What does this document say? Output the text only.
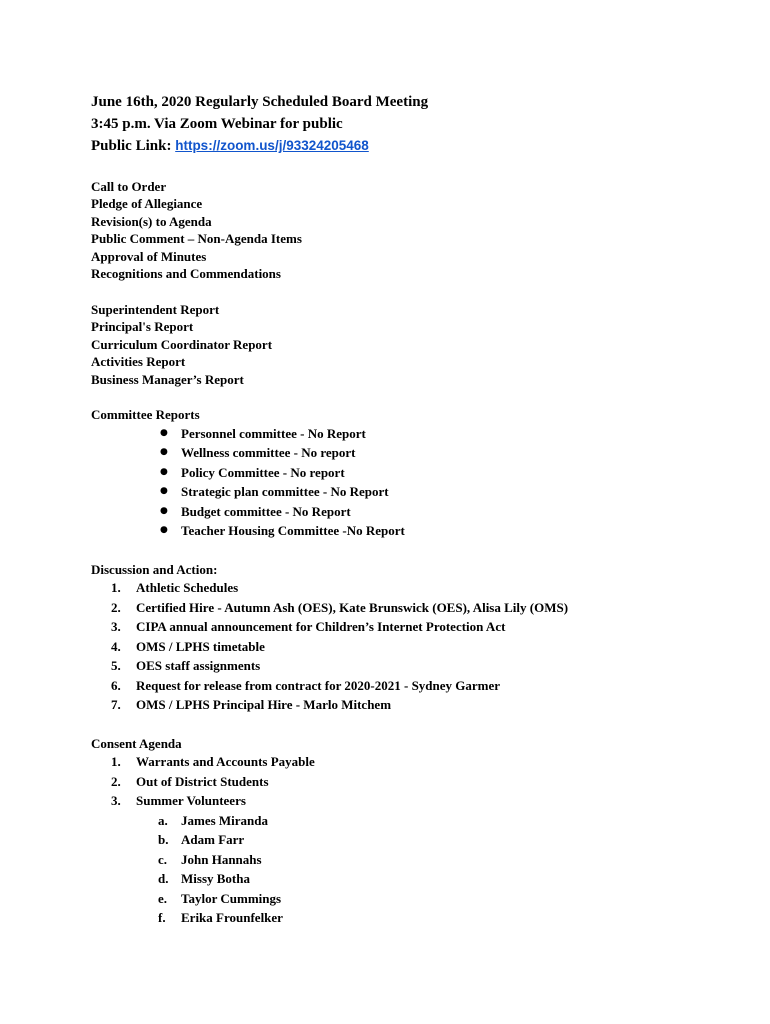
June 16th, 2020 Regularly Scheduled Board Meeting
3:45 p.m. Via Zoom Webinar for public
Public Link: https://zoom.us/j/93324205468
Call to Order
Pledge of Allegiance
Revision(s) to Agenda
Public Comment – Non-Agenda Items
Approval of Minutes
Recognitions and Commendations
Superintendent Report
Principal's Report
Curriculum Coordinator Report
Activities Report
Business Manager’s Report
Committee Reports
● Personnel committee - No Report
● Wellness committee - No report
● Policy Committee - No report
● Strategic plan committee - No Report
● Budget committee - No Report
● Teacher Housing Committee -No Report
Discussion and Action:
1. Athletic Schedules
2. Certified Hire - Autumn Ash (OES), Kate Brunswick (OES), Alisa Lily (OMS)
3. CIPA annual announcement for Children’s Internet Protection Act
4. OMS / LPHS timetable
5. OES staff assignments
6. Request for release from contract for 2020-2021 - Sydney Garmer
7. OMS / LPHS Principal Hire - Marlo Mitchem
Consent Agenda
1. Warrants and Accounts Payable
2. Out of District Students
3. Summer Volunteers
a. James Miranda
b. Adam Farr
c. John Hannahs
d. Missy Botha
e. Taylor Cummings
f. Erika Frounfelker
